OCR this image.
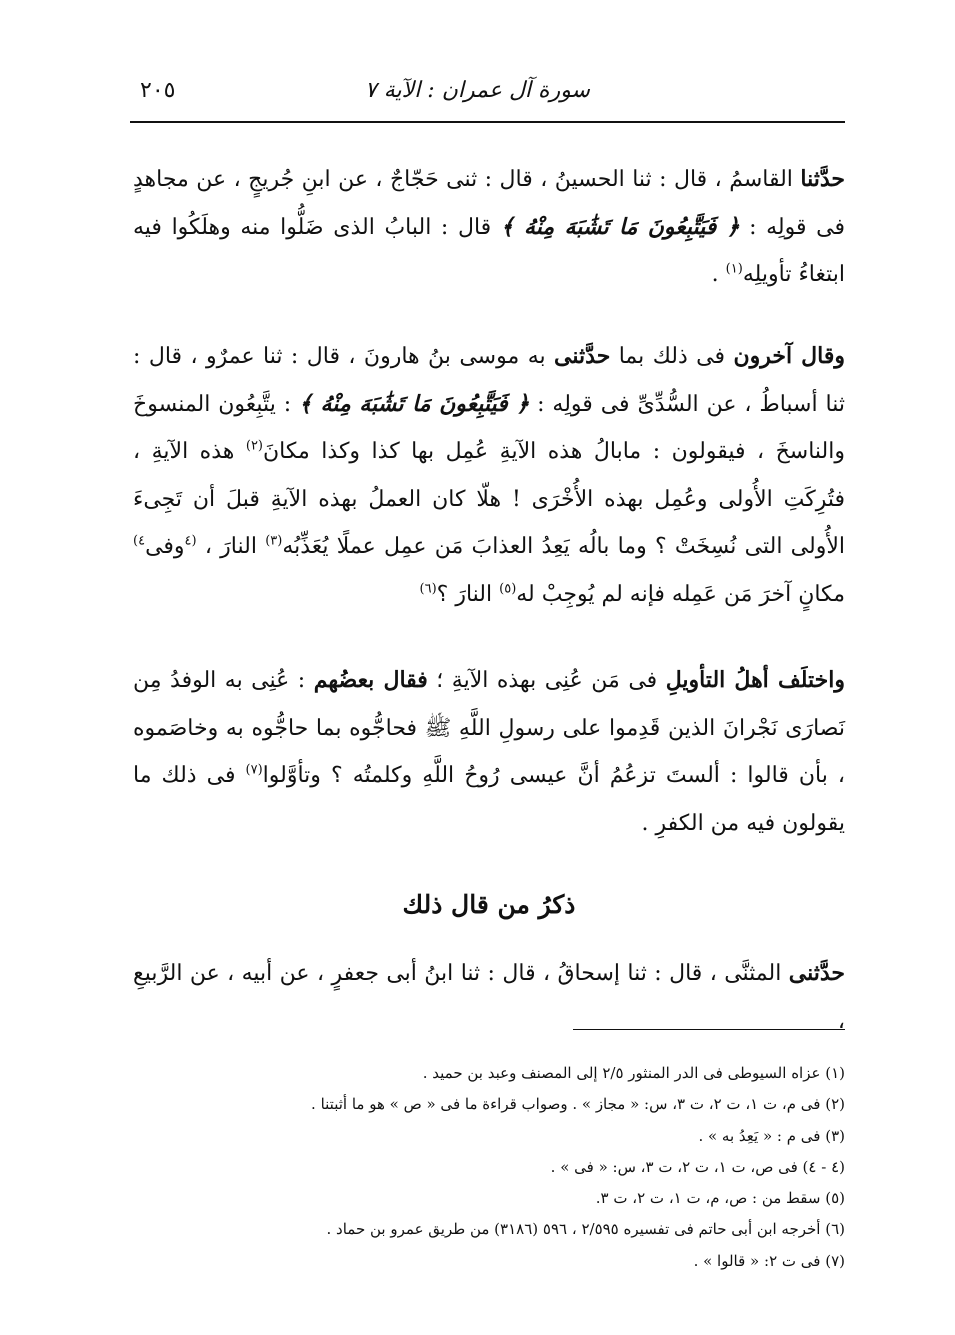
سورة آل عمران : الآية ٧
٢٠٥
حدَّثنا القاسمُ ، قال : ثنا الحسينُ ، قال : ثنى حَجّاجٌ ، عن ابنِ جُريجٍ ، عن مجاهدٍ فى قولِه : ﴿ فَيَتَّبِعُونَ مَا تَشَٰبَهَ مِنْهُ ﴾ قال : البابُ الذى ضَلُّوا منه وهلَكُوا فيه ابتغاءُ تأويلِه$^{(١)}$ .
وقال آخرون فى ذلك بما حدَّثنى به موسى بنُ هارونَ ، قال : ثنا عمرٌو ، قال : ثنا أسباطُ ، عن السُّدِّىِّ فى قولِه : ﴿ فَيَتَّبِعُونَ مَا تَشَٰبَهَ مِنْهُ ﴾ : يتَّبِعُون المنسوخَ والناسخَ ، فيقولون : مابالُ هذه الآيةِ عُمِل بها كذا وكذا مكانَ$^{(٢)}$ هذه الآيةِ ، فتُرِكَتِ الأُولى وعُمِل بهذه الأُخْرَى ! هلّا كان العملُ بهذه الآيةِ قبلَ أن تَجِىءَ الأُولى التى نُسِخَتْ ؟ وما بالُه يَعِدُ العذابَ مَن عمِل عملًا يُعَذِّبُه$^{(٣)}$ النارَ ، $^{(٤}$وفى$^{٤)}$ مكانٍ آخرَ مَن عَمِله فإنه لم يُوجِبْ له$^{(٥)}$ النارَ ؟$^{(٦)}$
واختلَف أهلُ التأويلِ فى مَن عُنِى بهذه الآيةِ ؛ فقال بعضُهم : عُنِى به الوفدُ مِن نَصارَى نَجْرانَ الذين قَدِموا على رسولِ اللَّهِ ﷺ فحاجُّوه بما حاجُّوه به وخاصَموه ، بأن قالوا : ألستَ تزعُمُ أنَّ عيسى رُوحُ اللَّهِ وكلمتُه ؟ وتأوَّلوا$^{(٧)}$ فى ذلك ما يقولون فيه من الكفرِ .
ذكرُ من قال ذلك
حدَّثنى المثنَّى ، قال : ثنا إسحاقُ ، قال : ثنا ابنُ أبى جعفرٍ ، عن أبيه ، عن الرَّبيعِ ،
(١) عزاه السيوطى فى الدر المنثور ٢/٥ إلى المصنف وعبد بن حميد .
(٢) فى م، ت ١، ت ٢، ت ٣، س: « مجاز » . وصواب قراءة ما فى « ص » هو ما أثبتنا .
(٣) فى م : « يَعِدُ به » .
(٤ - ٤) فى ص، ت ١، ت ٢، ت ٣، س: « فى » .
(٥) سقط من : ص، م، ت ١، ت ٢، ت ٣.
(٦) أخرجه ابن أبى حاتم فى تفسيره ٢/٥٩٥ ، ٥٩٦ (٣١٨٦) من طريق عمرو بن حماد .
(٧) فى ت ٢: « قالوا » .
